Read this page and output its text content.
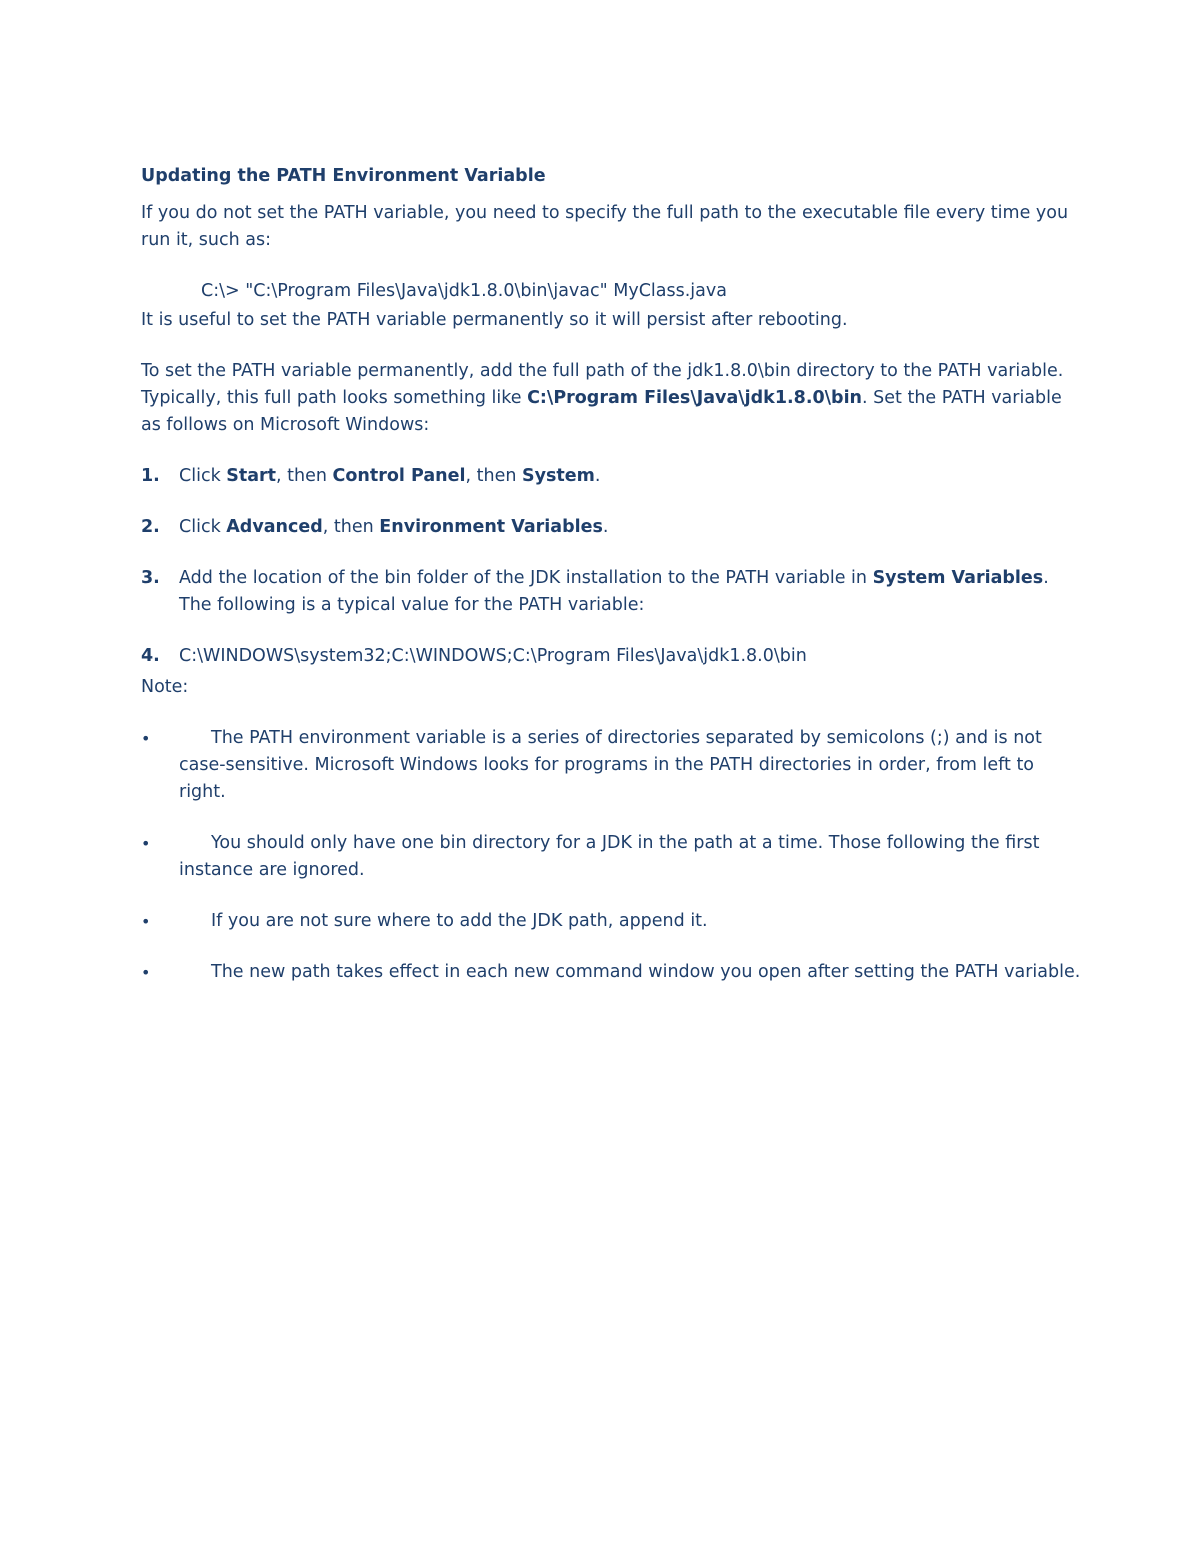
Updating the PATH Environment Variable

If you do not set the PATH variable, you need to specify the full path to the executable file every time you run it, such as:

C:\> "C:\Program Files\Java\jdk1.8.0\bin\javac" MyClass.java

It is useful to set the PATH variable permanently so it will persist after rebooting.

To set the PATH variable permanently, add the full path of the jdk1.8.0\bin directory to the PATH variable. Typically, this full path looks something like C:\Program Files\Java\jdk1.8.0\bin. Set the PATH variable as follows on Microsoft Windows:

1. Click Start, then Control Panel, then System.
2. Click Advanced, then Environment Variables.
3. Add the location of the bin folder of the JDK installation to the PATH variable in System Variables. The following is a typical value for the PATH variable:
4. C:\WINDOWS\system32;C:\WINDOWS;C:\Program Files\Java\jdk1.8.0\bin

Note:

•	The PATH environment variable is a series of directories separated by semicolons (;) and is not case-sensitive. Microsoft Windows looks for programs in the PATH directories in order, from left to right.
•	You should only have one bin directory for a JDK in the path at a time. Those following the first instance are ignored.
•	If you are not sure where to add the JDK path, append it.
•	The new path takes effect in each new command window you open after setting the PATH variable.
